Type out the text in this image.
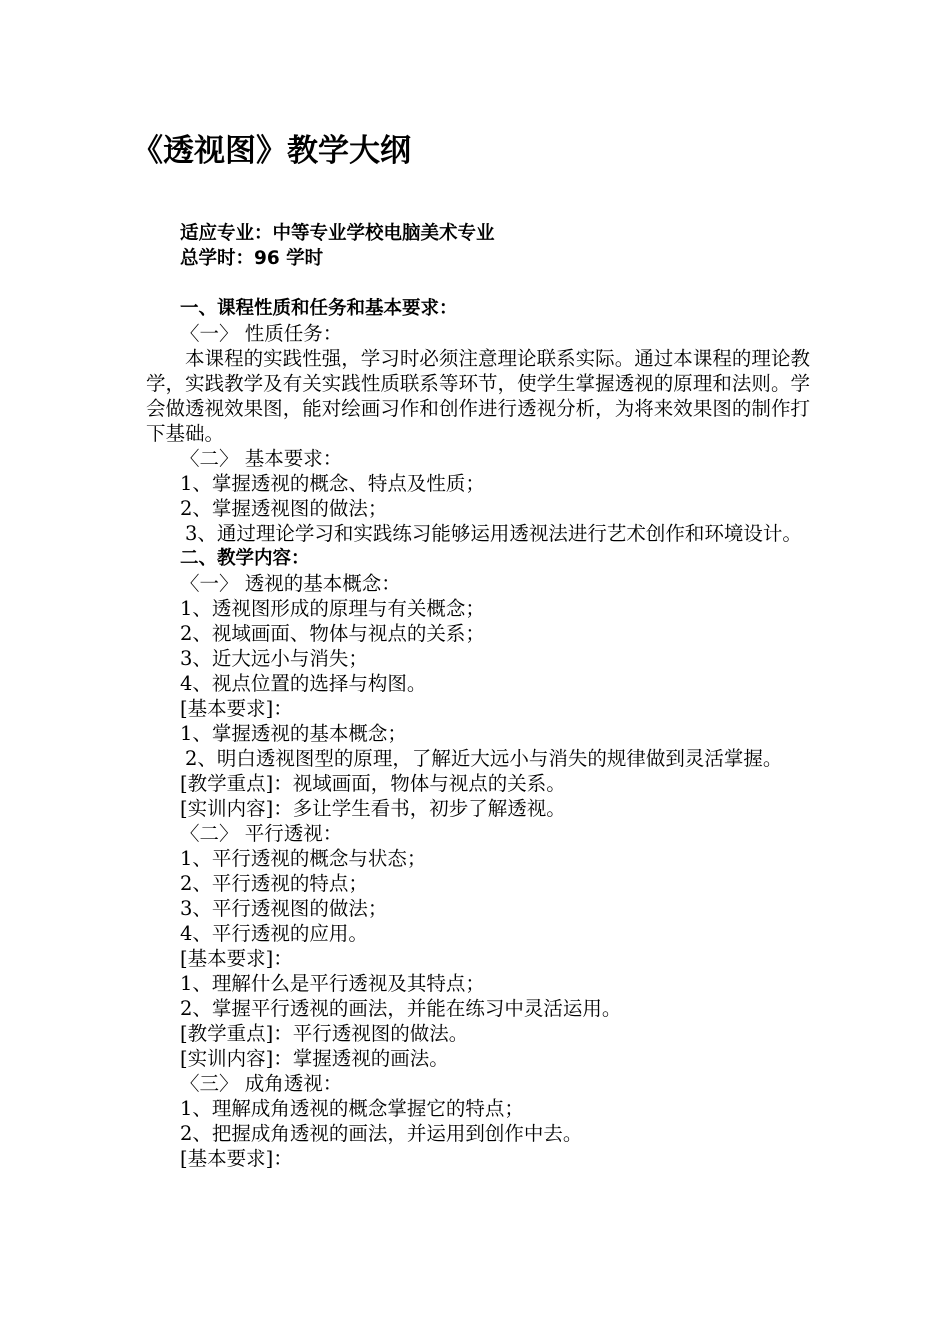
《透视图》教学大纲
适应专业：中等专业学校电脑美术专业
总学时：96 学时
一、课程性质和任务和基本要求：
〈一〉 性质任务：
本课程的实践性强，学习时必须注意理论联系实际。通过本课程的理论教学，实践教学及有关实践性质联系等环节，使学生掌握透视的原理和法则。学会做透视效果图，能对绘画习作和创作进行透视分析，为将来效果图的制作打下基础。
〈二〉 基本要求：
1、掌握透视的概念、特点及性质；
2、掌握透视图的做法；
3、通过理论学习和实践练习能够运用透视法进行艺术创作和环境设计。
二、教学内容：
〈一〉 透视的基本概念：
1、透视图形成的原理与有关概念；
2、视域画面、物体与视点的关系；
3、近大远小与消失；
4、视点位置的选择与构图。
[基本要求]：
1、掌握透视的基本概念；
2、明白透视图型的原理，了解近大远小与消失的规律做到灵活掌握。
[教学重点]：视域画面，物体与视点的关系。
[实训内容]：多让学生看书，初步了解透视。
〈二〉 平行透视：
1、平行透视的概念与状态；
2、平行透视的特点；
3、平行透视图的做法；
4、平行透视的应用。
[基本要求]：
1、理解什么是平行透视及其特点；
2、掌握平行透视的画法，并能在练习中灵活运用。
[教学重点]：平行透视图的做法。
[实训内容]：掌握透视的画法。
〈三〉 成角透视：
1、理解成角透视的概念掌握它的特点；
2、把握成角透视的画法，并运用到创作中去。
[基本要求]：
